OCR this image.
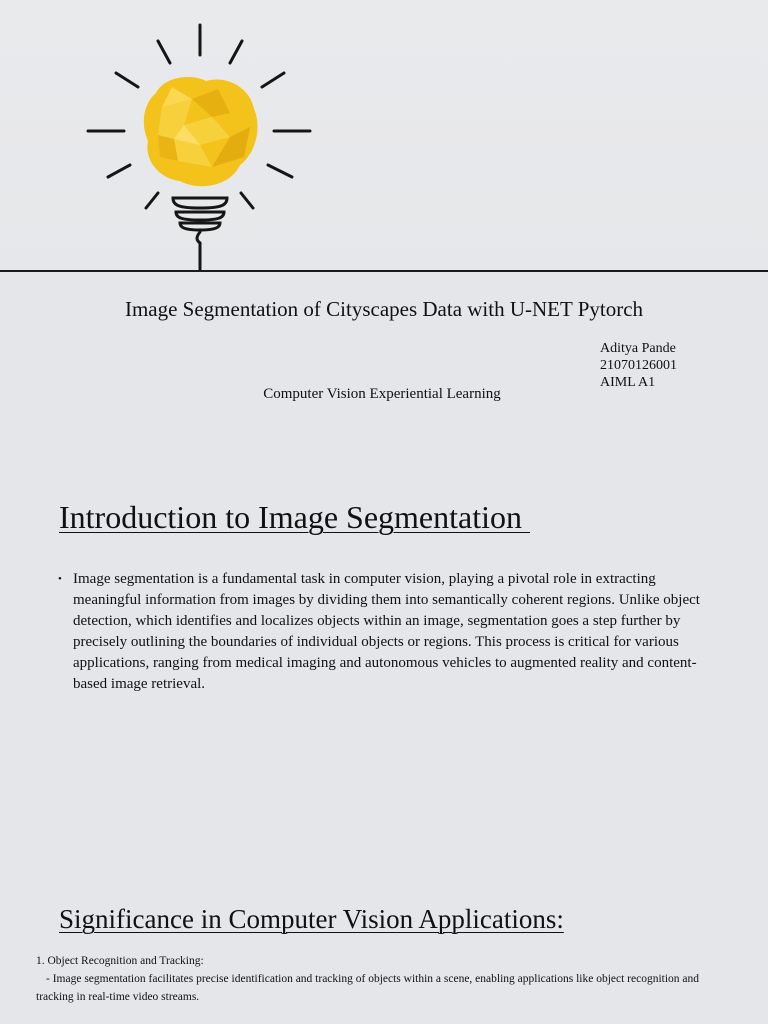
Image Segmentation of Cityscapes Data with U-NET Pytorch
Aditya Pande
21070126001
AIML A1
Computer Vision Experiential Learning
Introduction to Image Segmentation
• Image segmentation is a fundamental task in computer vision, playing a pivotal role in extracting meaningful information from images by dividing them into semantically coherent regions. Unlike object detection, which identifies and localizes objects within an image, segmentation goes a step further by precisely outlining the boundaries of individual objects or regions. This process is critical for various applications, ranging from medical imaging and autonomous vehicles to augmented reality and content-based image retrieval.
Significance in Computer Vision Applications:
1. Object Recognition and Tracking:
- Image segmentation facilitates precise identification and tracking of objects within a scene, enabling applications like object recognition and tracking in real-time video streams.
